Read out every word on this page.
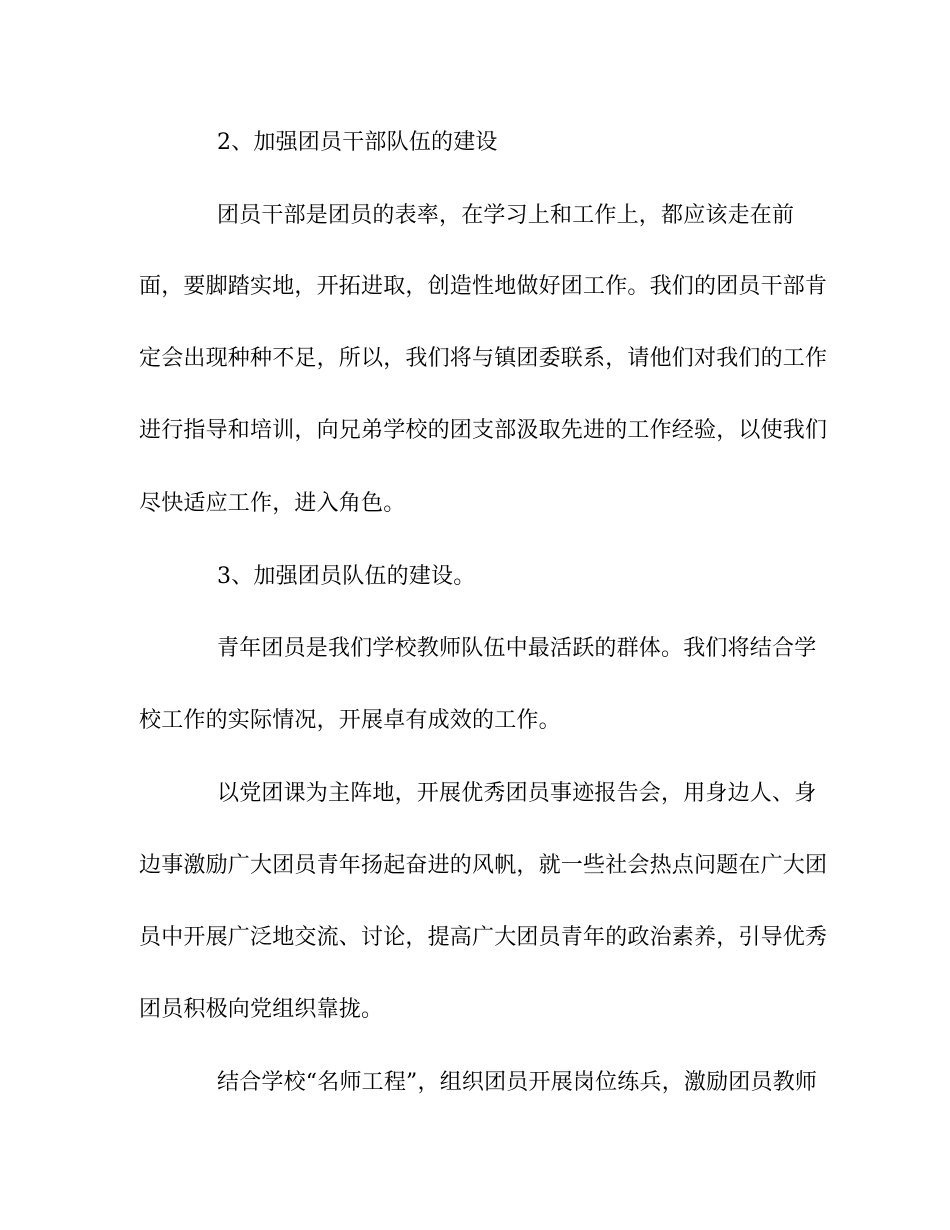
2、加强团员干部队伍的建设
团员干部是团员的表率，在学习上和工作上，都应该走在前
面，要脚踏实地，开拓进取，创造性地做好团工作。我们的团员干部肯
定会出现种种不足，所以，我们将与镇团委联系，请他们对我们的工作
进行指导和培训，向兄弟学校的团支部汲取先进的工作经验，以使我们
尽快适应工作，进入角色。
3、加强团员队伍的建设。
青年团员是我们学校教师队伍中最活跃的群体。我们将结合学
校工作的实际情况，开展卓有成效的工作。
以党团课为主阵地，开展优秀团员事迹报告会，用身边人、身
边事激励广大团员青年扬起奋进的风帆，就一些社会热点问题在广大团
员中开展广泛地交流、讨论，提高广大团员青年的政治素养，引导优秀
团员积极向党组织靠拢。
结合学校“名师工程”，组织团员开展岗位练兵，激励团员教师
